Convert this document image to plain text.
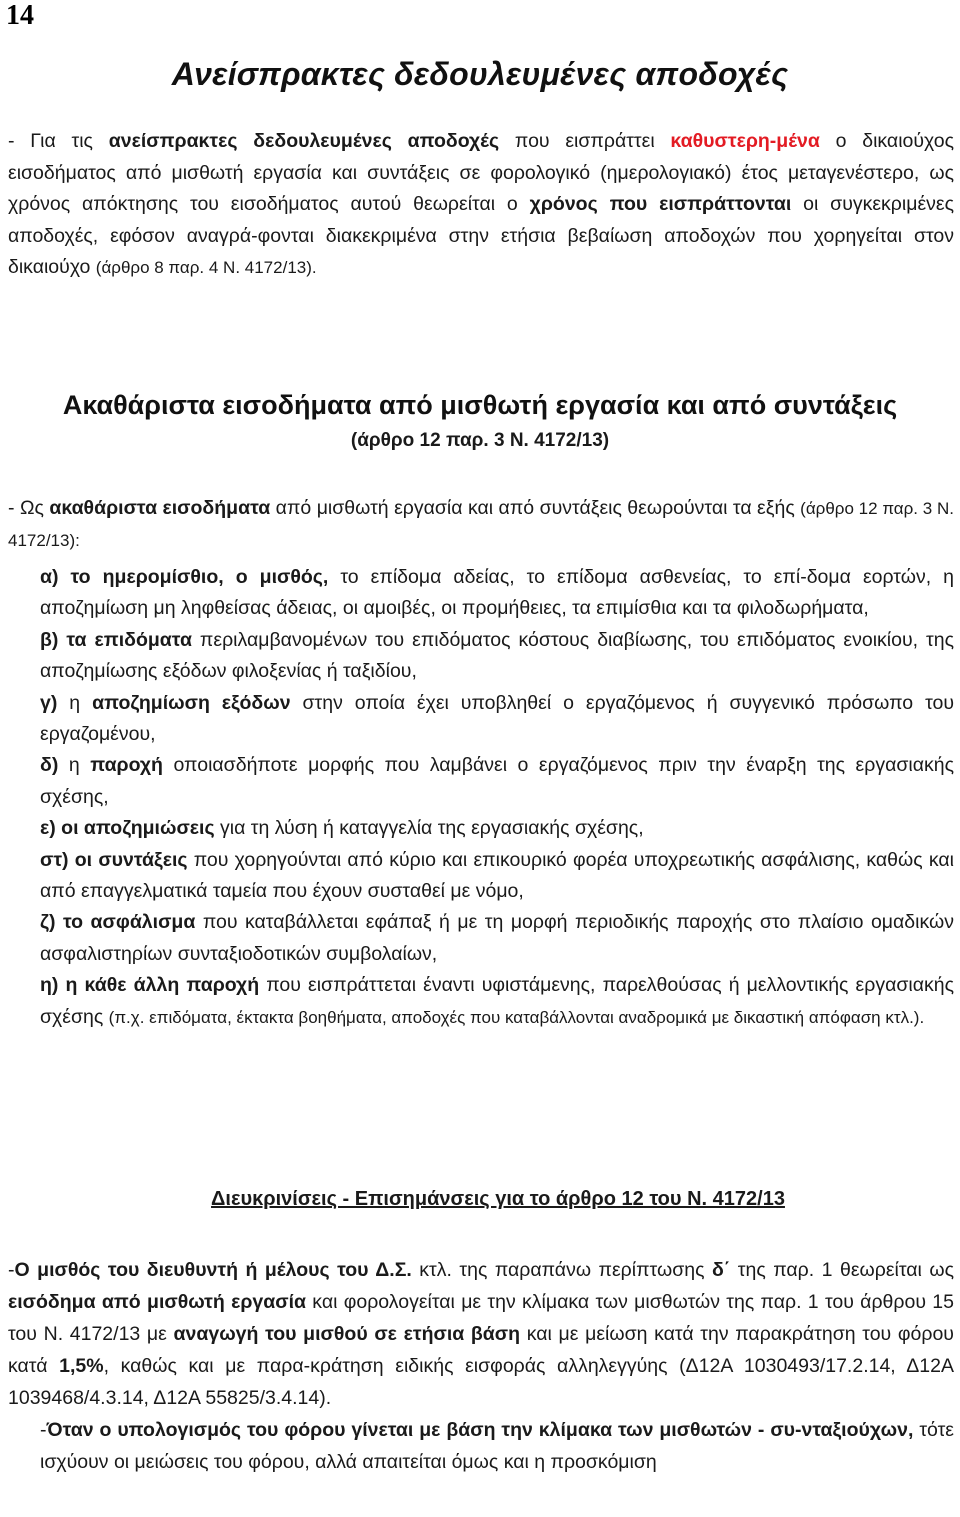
14
Ανείσπρακτες δεδουλευμένες αποδοχές
- Για τις ανείσπρακτες δεδουλευμένες αποδοχές που εισπράττει καθυστερη-μένα ο δικαιούχος εισοδήματος από μισθωτή εργασία και συντάξεις σε φορολογικό (ημερολογιακό) έτος μεταγενέστερο, ως χρόνος απόκτησης του εισοδήματος αυτού θεωρείται ο χρόνος που εισπράττονται οι συγκεκριμένες αποδοχές, εφόσον αναγρά-φονται διακεκριμένα στην ετήσια βεβαίωση αποδοχών που χορηγείται στον δικαιούχο (άρθρο 8 παρ. 4 Ν. 4172/13).
Ακαθάριστα εισοδήματα από μισθωτή εργασία και από συντάξεις
(άρθρο 12 παρ. 3 Ν. 4172/13)
- Ως ακαθάριστα εισοδήματα από μισθωτή εργασία και από συντάξεις θεωρούνται τα εξής (άρθρο 12 παρ. 3 Ν. 4172/13):

α) το ημερομίσθιο, ο μισθός, το επίδομα αδείας, το επίδομα ασθενείας, το επί-δομα εορτών, η αποζημίωση μη ληφθείσας άδειας, οι αμοιβές, οι προμήθειες, τα επιμίσθια και τα φιλοδωρήματα,

β) τα επιδόματα περιλαμβανομένων του επιδόματος κόστους διαβίωσης, του επιδόματος ενοικίου, της αποζημίωσης εξόδων φιλοξενίας ή ταξιδίου,

γ) η αποζημίωση εξόδων στην οποία έχει υποβληθεί ο εργαζόμενος ή συγγενικό πρόσωπο του εργαζομένου,

δ) η παροχή οποιασδήποτε μορφής που λαμβάνει ο εργαζόμενος πριν την έναρξη της εργασιακής σχέσης,

ε) οι αποζημιώσεις για τη λύση ή καταγγελία της εργασιακής σχέσης,

στ) οι συντάξεις που χορηγούνται από κύριο και επικουρικό φορέα υποχρεωτικής ασφάλισης, καθώς και από επαγγελματικά ταμεία που έχουν συσταθεί με νόμο,

ζ) το ασφάλισμα που καταβάλλεται εφάπαξ ή με τη μορφή περιοδικής παροχής στο πλαίσιο ομαδικών ασφαλιστηρίων συνταξιοδοτικών συμβολαίων,

η) η κάθε άλλη παροχή που εισπράττεται έναντι υφιστάμενης, παρελθούσας ή μελλοντικής εργασιακής σχέσης (π.χ. επιδόματα, έκτακτα βοηθήματα, αποδοχές που καταβάλλονται αναδρομικά με δικαστική απόφαση κτλ.).

Διευκρινίσεις - Επισημάνσεις για το άρθρο 12 του Ν. 4172/13

-Ο μισθός του διευθυντή ή μέλους του Δ.Σ. κτλ. της παραπάνω περίπτωσης δ΄ της παρ. 1 θεωρείται ως εισόδημα από μισθωτή εργασία και φορολογείται με την κλίμακα των μισθωτών της παρ. 1 του άρθρου 15 του Ν. 4172/13 με αναγωγή του μισθού σε ετήσια βάση και με μείωση κατά την παρακράτηση του φόρου κατά 1,5%, καθώς και με παρα-κράτηση ειδικής εισφοράς αλληλεγγύης (Δ12Α 1030493/17.2.14, Δ12Α 1039468/4.3.14, Δ12Α 55825/3.4.14).

-Όταν ο υπολογισμός του φόρου γίνεται με βάση την κλίμακα των μισθωτών - συ-νταξιούχων, τότε ισχύουν οι μειώσεις του φόρου, αλλά απαιτείται όμως και η προσκόμιση
